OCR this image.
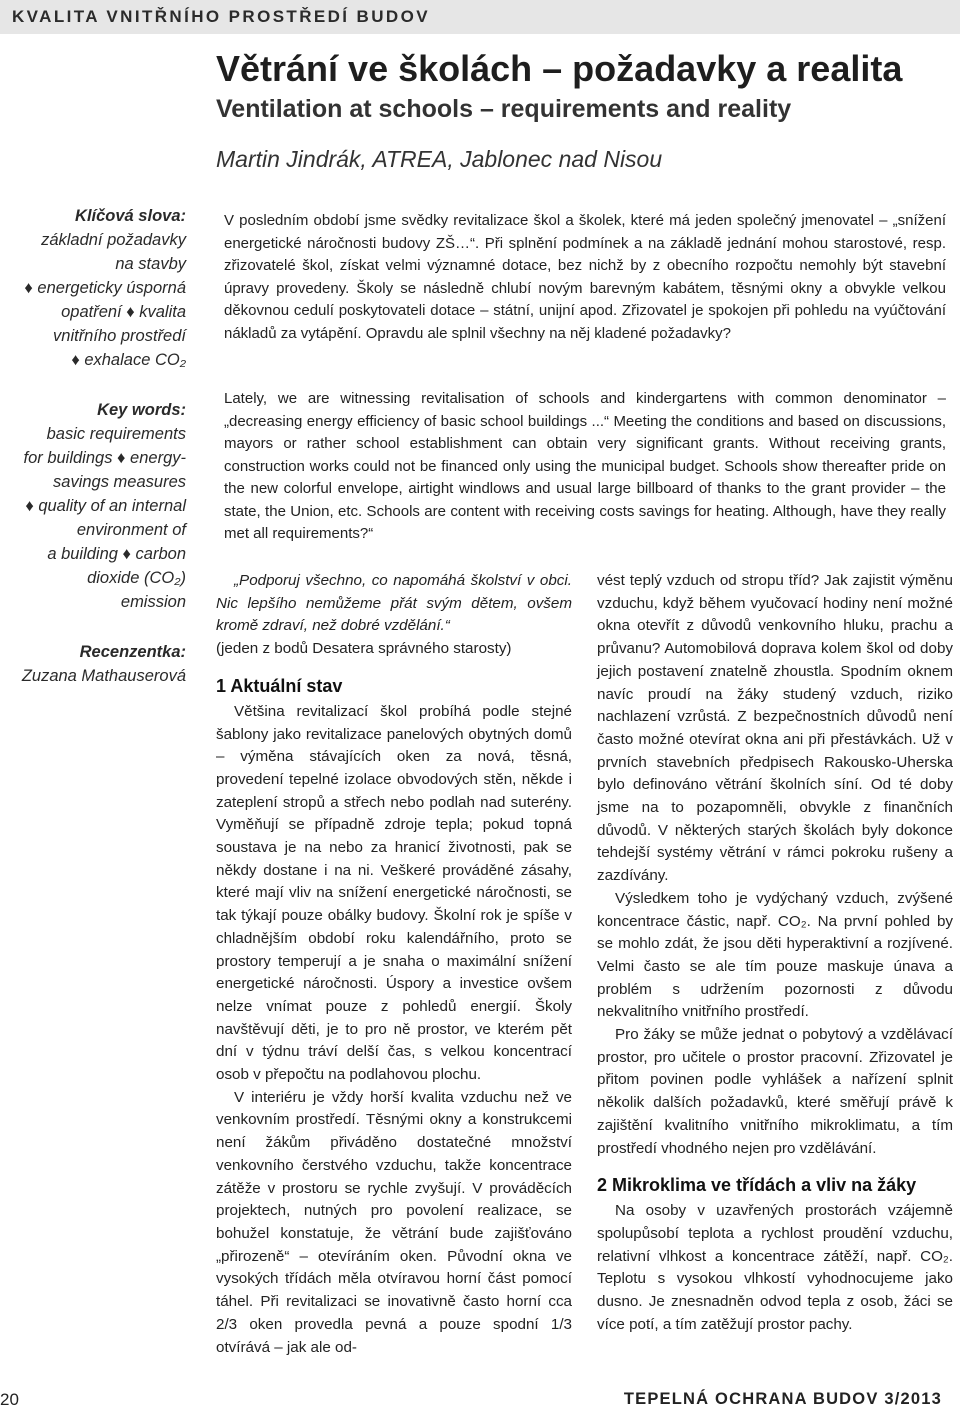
KVALITA VNITŘNÍHO PROSTŘEDÍ BUDOV
Větrání ve školách – požadavky a realita
Ventilation at schools – requirements and reality
Martin Jindrák, ATREA, Jablonec nad Nisou
Klíčová slova:
základní požadavky
na stavby
♦ energeticky úsporná
opatření ♦ kvalita
vnitřního prostředí
♦ exhalace CO₂
Key words:
basic requirements
for buildings ♦ energy-
savings measures
♦ quality of an internal
environment of
a building ♦ carbon
dioxide (CO₂)
emission
Recenzentka:
Zuzana Mathauserová
V posledním období jsme svědky revitalizace škol a školek, které má jeden společný jmenovatel – „snížení energetické náročnosti budovy ZŠ…“. Při splnění podmínek a na základě jednání mohou starostové, resp. zřizovatelé škol, získat velmi významné dotace, bez nichž by z obecního rozpočtu nemohly být stavební úpravy provedeny. Školy se následně chlubí novým barevným kabátem, těsnými okny a obvykle velkou děkovnou cedulí poskytovateli dotace – státní, unijní apod. Zřizovatel je spokojen při pohledu na vyúčtování nákladů za vytápění. Opravdu ale splnil všechny na něj kladené požadavky?
Lately, we are witnessing revitalisation of schools and kindergartens with common denominator – „decreasing energy efficiency of basic school buildings ...“ Meeting the conditions and based on discussions, mayors or rather school establishment can obtain very significant grants. Without receiving grants, construction works could not be financed only using the municipal budget. Schools show thereafter pride on the new colorful envelope, airtight windlows and usual large billboard of thanks to the grant provider – the state, the Union, etc. Schools are content with receiving costs savings for heating. Although, have they really met all requirements?“

„Podporuj všechno, co napomáhá školství v obci. Nic lepšího nemůžeme přát svým dětem, ovšem kromě zdraví, než dobré vzdělání.“

(jeden z bodů Desatera správného starosty)

1 Aktuální stav

Většina revitalizací škol probíhá podle stejné šablony jako revitalizace panelových obytných domů – výměna stávajících oken za nová, těsná, provedení tepelné izolace obvodových stěn, někde i zateplení stropů a střech nebo podlah nad suterény. Vyměňují se případně zdroje tepla; pokud topná soustava je na nebo za hranicí životnosti, pak se někdy dostane i na ni. Veškeré prováděné zásahy, které mají vliv na snížení energetické náročnosti, se tak týkají pouze obálky budovy. Školní rok je spíše v chladnějším období roku kalendářního, proto se prostory temperují a je snaha o maximální snížení energetické náročnosti. Úspory a investice ovšem nelze vnímat pouze z pohledů energií. Školy navštěvují děti, je to pro ně prostor, ve kterém pět dní v týdnu tráví delší čas, s velkou koncentrací osob v přepočtu na podlahovou plochu.

V interiéru je vždy horší kvalita vzduchu než ve venkovním prostředí. Těsnými okny a konstrukcemi není žákům přiváděno dostatečné množství venkovního čerstvého vzduchu, takže koncentrace zátěže v prostoru se rychle zvyšují. V prováděcích projektech, nutných pro povolení realizace, se bohužel konstatuje, že větrání bude zajišťováno „přirozeně“ – otevíráním oken. Původní okna ve vysokých třídách měla otvíravou horní část pomocí táhel. Při revitalizaci se inovativně často horní cca 2/3 oken provedla pevná a pouze spodní 1/3 otvírává – jak ale od-

vést teplý vzduch od stropu tříd? Jak zajistit výměnu vzduchu, když během vyučovací hodiny není možné okna otevřít z důvodů venkovního hluku, prachu a průvanu? Automobilová doprava kolem škol od doby jejich postavení znatelně zhoustla. Spodním oknem navíc proudí na žáky studený vzduch, riziko nachlazení vzrůstá. Z bezpečnostních důvodů není často možné otevírat okna ani při přestávkách. Už v prvních stavebních předpisech Rakousko-Uherska bylo definováno větrání školních síní. Od té doby jsme na to pozapomněli, obvykle z finančních důvodů. V některých starých školách byly dokonce tehdejší systémy větrání v rámci pokroku rušeny a zazdívány.

Výsledkem toho je vydýchaný vzduch, zvýšené koncentrace částic, např. CO₂. Na první pohled by se mohlo zdát, že jsou děti hyperaktivní a rozjívené. Velmi často se ale tím pouze maskuje únava a problém s udržením pozornosti z důvodu nekvalitního vnitřního prostředí.

Pro žáky se může jednat o pobytový a vzdělávací prostor, pro učitele o prostor pracovní. Zřizovatel je přitom povinen podle vyhlášek a nařízení splnit několik dalších požadavků, které směřují právě k zajištění kvalitního vnitřního mikroklimatu, a tím prostředí vhodného nejen pro vzdělávání.

2 Mikroklima ve třídách a vliv na žáky

Na osoby v uzavřených prostorách vzájemně spolupůsobí teplota a rychlost proudění vzduchu, relativní vlhkost a koncentrace zátěží, např. CO₂. Teplotu s vysokou vlhkostí vyhodnocujeme jako dusno. Je znesnadněn odvod tepla z osob, žáci se více potí, a tím zatěžují prostor pachy.

20	TEPELNÁ OCHRANA BUDOV 3/2013
